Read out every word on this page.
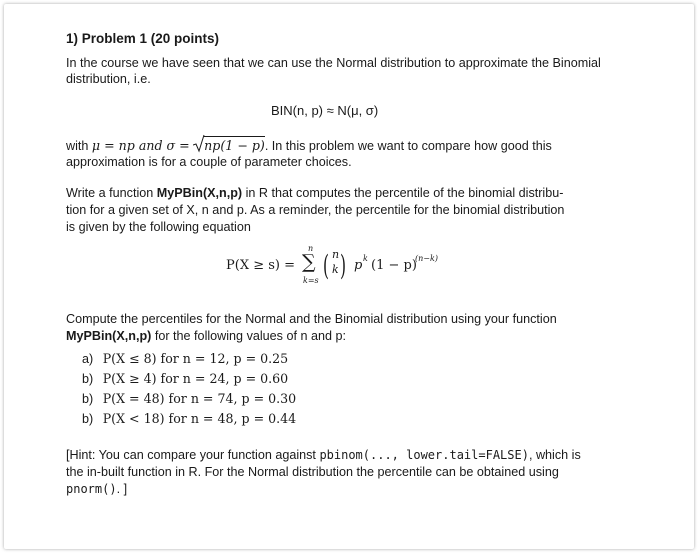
1) Problem 1 (20 points)
In the course we have seen that we can use the Normal distribution to approximate the Binomial
distribution, i.e.
BIN(n, p) ≈ N(μ, σ)
with μ = np and σ = np(1 − p). In this problem we want to compare how good this
approximation is for a couple of parameter choices.
Write a function MyPBin(X,n,p) in R that computes the percentile of the binomial distribu-
tion for a given set of X, n and p. As a reminder, the percentile for the binomial distribution
is given by the following equation
P(X ≥ s) =
n
∑
k=s ( n
k ) p k (1 − p)
(n−k)
Compute the percentiles for the Normal and the Binomial distribution using your function
MyPBin(X,n,p) for the following values of n and p:
a) P(X ≤ 8) for n = 12, p = 0.25
b) P(X ≥ 4) for n = 24, p = 0.60
b) P(X = 48) for n = 74, p = 0.30
b) P(X < 18) for n = 48, p = 0.44
[Hint: You can compare your function against pbinom(..., lower.tail=FALSE), which is
the in-built function in R. For the Normal distribution the percentile can be obtained using
pnorm(). ]
